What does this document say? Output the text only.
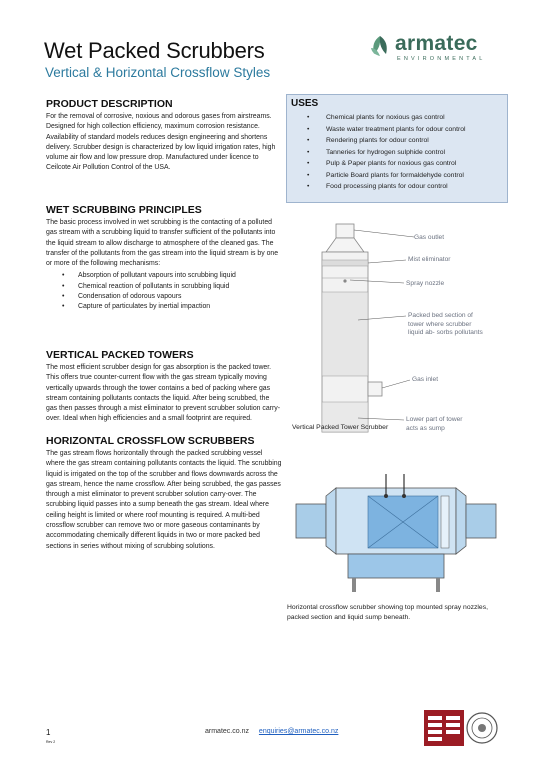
Wet Packed Scrubbers
Vertical & Horizontal Crossflow Styles
armatec
ENVIRONMENTAL
PRODUCT DESCRIPTION
For the removal of corrosive, noxious and odorous gases from airstreams. Designed for high collection efficiency, maximum corrosion resistance. Availability of standard models reduces design engineering and shortens delivery. Scrubber design is characterized by low liquid irrigation rates, high volume air flow and low pressure drop. Manufactured under licence to Ceilcote Air Pollution Control of the USA.
WET SCRUBBING PRINCIPLES
The basic process involved in wet scrubbing is the contacting of a polluted gas stream with a scrubbing liquid to transfer sufficient of the pollutants into the liquid stream to allow discharge to atmosphere of the cleaned gas. The transfer of the pollutants from the gas stream into the liquid stream is by one or more of the following mechanisms:
• Absorption of pollutant vapours into scrubbing liquid
• Chemical reaction of pollutants in scrubbing liquid
• Condensation of odorous vapours
• Capture of particulates by inertial impaction
VERTICAL PACKED TOWERS
The most efficient scrubber design for gas absorption is the packed tower. This offers true counter-current flow with the gas stream typically moving vertically upwards through the tower contains a bed of packing where gas stream containing pollutants contacts the liquid. After being scrubbed, the gas then passes through a mist eliminator to prevent scrubber solution carry-over. Ideal when high efficiencies and a small footprint are required.
HORIZONTAL CROSSFLOW SCRUBBERS
The gas stream flows horizontally through the packed scrubbing vessel where the gas stream containing pollutants contacts the liquid. The scrubbing liquid is irrigated on the top of the scrubber and flows downwards across the gas stream, hence the name crossflow. After being scrubbed, the gas passes through a mist eliminator to prevent scrubber solution carry-over. The scrubbing liquid passes into a sump beneath the gas stream. Ideal where ceiling height is limited or where roof mounting is required. A multi-bed crossflow scrubber can remove two or more gaseous contaminants by accommodating chemically different liquids in two or more packed bed sections in series without mixing of scrubbing solutions.
USES
• Chemical plants for noxious gas control
• Waste water treatment plants for odour control
• Rendering plants for odour control
• Tanneries for hydrogen sulphide control
• Pulp & Paper plants for noxious gas control
• Particle Board plants for formaldehyde control
• Food processing plants for odour control
Gas outlet
Mist eliminator
Spray nozzle
Packed bed section of tower where scrubber liquid ab- sorbs pollutants
Gas inlet
Lower part of tower acts as sump
Vertical Packed Tower Scrubber
Horizontal crossflow scrubber showing top mounted spray nozzles, packed section and liquid sump beneath.
1
Rev 2
armatec.co.nz enquiries@armatec.co.nz
